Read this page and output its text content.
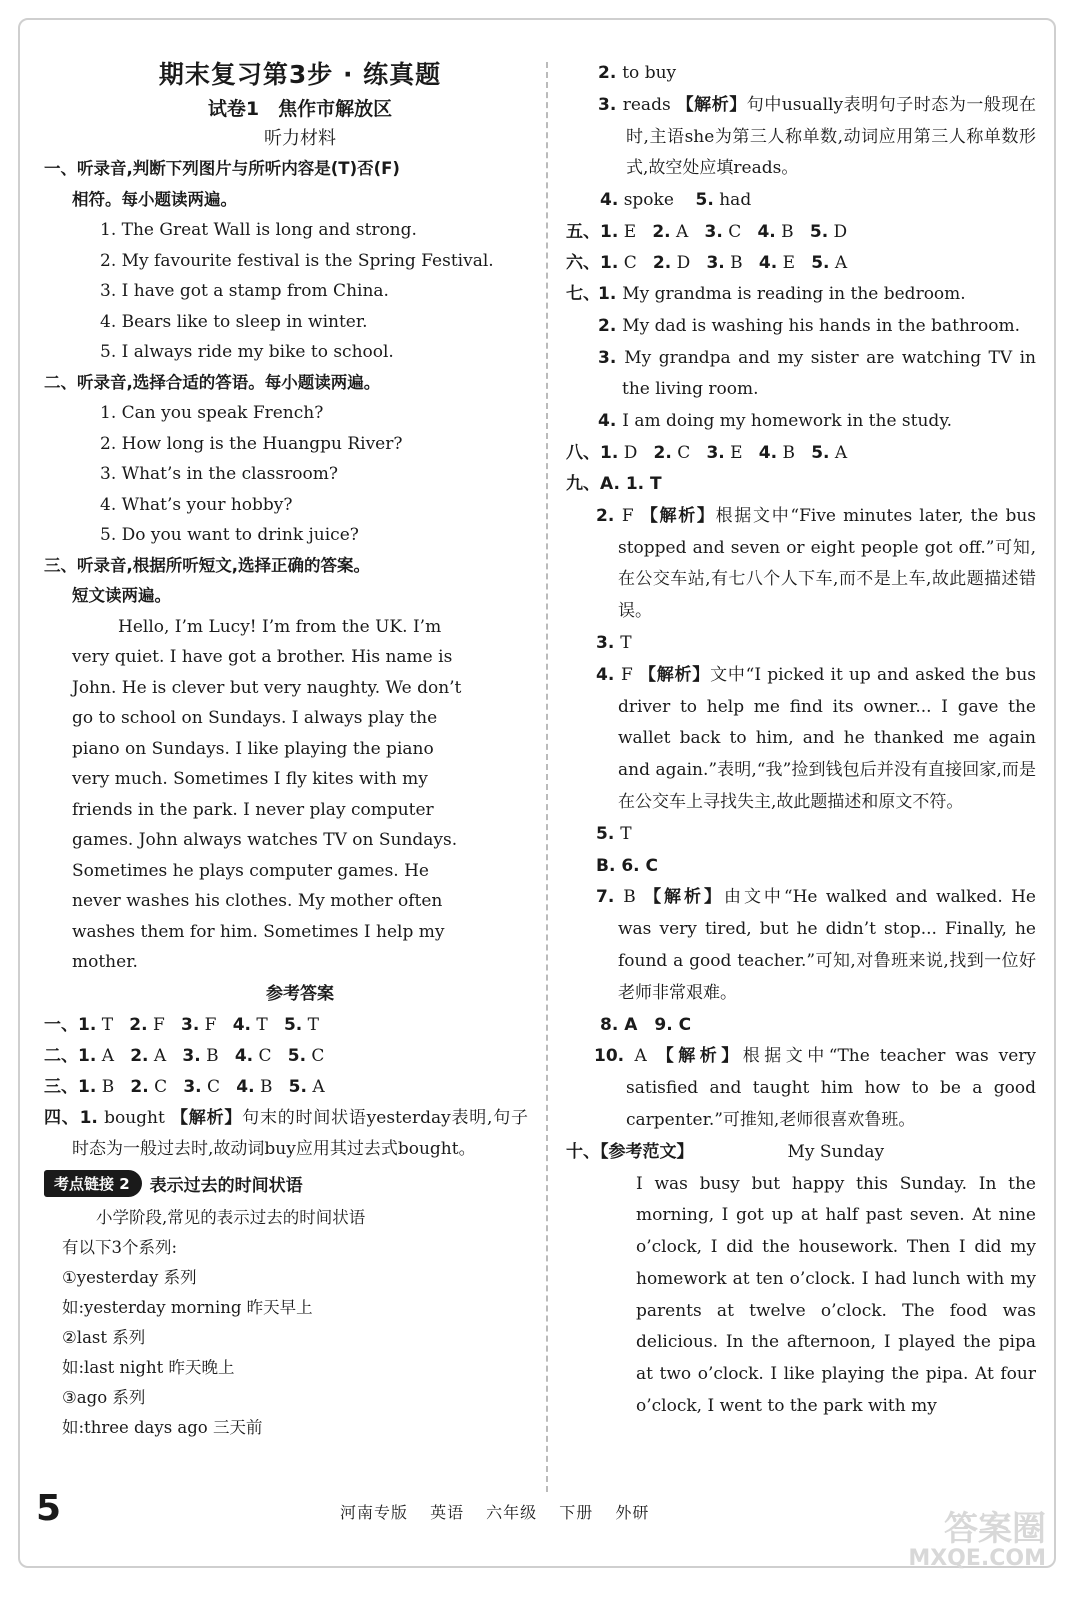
期末复习第3步 · 练真题
试卷1　焦作市解放区
听力材料
一、听录音,判断下列图片与所听内容是(T)否(F)
相符。每小题读两遍。
1. The Great Wall is long and strong.
2. My favourite festival is the Spring Festival.
3. I have got a stamp from China.
4. Bears like to sleep in winter.
5. I always ride my bike to school.
二、听录音,选择合适的答语。每小题读两遍。
1. Can you speak French?
2. How long is the Huangpu River?
3. What’s in the classroom?
4. What’s your hobby?
5. Do you want to drink juice?
三、听录音,根据所听短文,选择正确的答案。
短文读两遍。
Hello, I’m Lucy! I’m from the UK. I’m
very quiet. I have got a brother. His name is
John. He is clever but very naughty. We don’t
go to school on Sundays. I always play the
piano on Sundays. I like playing the piano
very much. Sometimes I fly kites with my
friends in the park. I never play computer
games. John always watches TV on Sundays.
Sometimes he plays computer games. He
never washes his clothes. My mother often
washes them for him. Sometimes I help my
mother.
参考答案
一、1. T   2. F   3. F   4. T   5. T
二、1. A   2. A   3. B   4. C   5. C
三、1. B   2. C   3. C   4. B   5. A
四、1. bought 【解析】句末的时间状语yesterday表明,句子时态为一般过去时,故动词buy应用其过去式bought。
考点链接 2	表示过去的时间状语
小学阶段,常见的表示过去的时间状语
有以下3个系列:
①yesterday 系列
如:yesterday morning 昨天早上
②last 系列
如:last night 昨天晚上
③ago 系列
如:three days ago 三天前
2. to buy
3. reads 【解析】句中usually表明句子时态为一般现在时,主语she为第三人称单数,动词应用第三人称单数形式,故空处应填reads。
4. spoke 5. had
五、1. E   2. A   3. C   4. B   5. D
六、1. C   2. D   3. B   4. E   5. A
七、
1. My grandma is reading in the bedroom.
2. My dad is washing his hands in the bathroom.
3. My grandpa and my sister are watching TV in the living room.
4. I am doing my homework in the study.
八、1. D   2. C   3. E   4. B   5. A
九、A. 1. T
2. F 【解析】根据文中“Five minutes later, the bus stopped and seven or eight people got off.”可知,在公交车站,有七八个人下车,而不是上车,故此题描述错误。
3. T
4. F 【解析】文中“I picked it up and asked the bus driver to help me find its owner... I gave the wallet back to him, and he thanked me again and again.”表明,“我”捡到钱包后并没有直接回家,而是在公交车上寻找失主,故此题描述和原文不符。
5. T
B. 6. C
7. B 【解析】由文中“He walked and walked. He was very tired, but he didn’t stop... Finally, he found a good teacher.”可知,对鲁班来说,找到一位好老师非常艰难。
8. A　9. C
10. A 【解析】根据文中“The teacher was very satisfied and taught him how to be a good carpenter.”可推知,老师很喜欢鲁班。
十、【参考范文】	My Sunday
I was busy but happy this Sunday. In the morning, I got up at half past seven. At nine o’clock, I did the housework. Then I did my homework at ten o’clock. I had lunch with my parents at twelve o’clock. The food was delicious. In the afternoon, I played the pipa at two o’clock. I like playing the pipa. At four o’clock, I went to the park with my
5	河南专版 英语 六年级 下册 外研	答案圈
MXQE.COM
